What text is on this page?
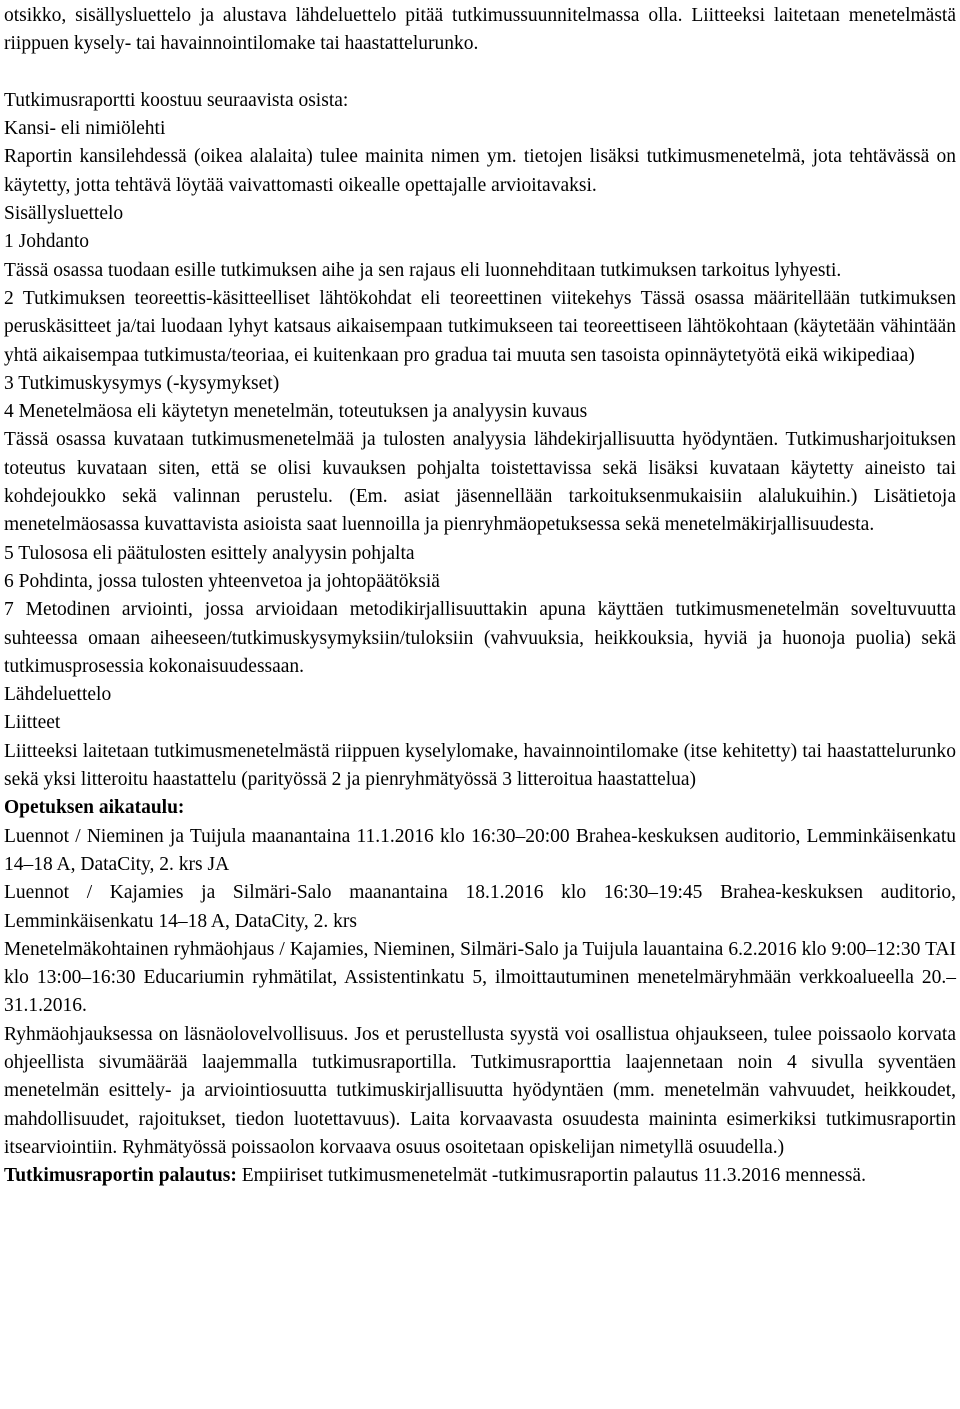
otsikko, sisällysluettelo ja alustava lähdeluettelo pitää tutkimussuunnitelmassa olla. Liitteeksi laitetaan menetelmästä riippuen kysely- tai havainnointilomake tai haastattelurunko.

Tutkimusraportti koostuu seuraavista osista:

Kansi- eli nimiölehti

Raportin kansilehdessä (oikea alalaita) tulee mainita nimen ym. tietojen lisäksi tutkimusmenetelmä, jota tehtävässä on käytetty, jotta tehtävä löytää vaivattomasti oikealle opettajalle arvioitavaksi.

Sisällysluettelo

1 Johdanto

Tässä osassa tuodaan esille tutkimuksen aihe ja sen rajaus eli luonnehditaan tutkimuksen tarkoitus lyhyesti.

2 Tutkimuksen teoreettis-käsitteelliset lähtökohdat eli teoreettinen viitekehys Tässä osassa määritellään tutkimuksen peruskäsitteet ja/tai luodaan lyhyt katsaus aikaisempaan tutkimukseen tai teoreettiseen lähtökohtaan (käytetään vähintään yhtä aikaisempaa tutkimusta/teoriaa, ei kuitenkaan pro gradua tai muuta sen tasoista opinnäytetyötä eikä wikipediaa)

3 Tutkimuskysymys (-kysymykset)

4 Menetelmäosa eli käytetyn menetelmän, toteutuksen ja analyysin kuvaus

Tässä osassa kuvataan tutkimusmenetelmää ja tulosten analyysia lähdekirjallisuutta hyödyntäen. Tutkimusharjoituksen toteutus kuvataan siten, että se olisi kuvauksen pohjalta toistettavissa sekä lisäksi kuvataan käytetty aineisto tai kohdejoukko sekä valinnan perustelu. (Em. asiat jäsennellään tarkoituksenmukaisiin alalukuihin.) Lisätietoja menetelmäosassa kuvattavista asioista saat luennoilla ja pienryhmäopetuksessa sekä menetelmäkirjallisuudesta.

5 Tulososa eli päätulosten esittely analyysin pohjalta

6 Pohdinta, jossa tulosten yhteenvetoa ja johtopäätöksiä

7 Metodinen arviointi, jossa arvioidaan metodikirjallisuuttakin apuna käyttäen tutkimusmenetelmän soveltuvuutta suhteessa omaan aiheeseen/tutkimuskysymyksiin/tuloksiin (vahvuuksia, heikkouksia, hyviä ja huonoja puolia) sekä tutkimusprosessia kokonaisuudessaan.

Lähdeluettelo

Liitteet

Liitteeksi laitetaan tutkimusmenetelmästä riippuen kyselylomake, havainnointilomake (itse kehitetty) tai haastattelurunko sekä yksi litteroitu haastattelu (parityössä 2 ja pienryhmätyössä 3 litteroitua haastattelua)

Opetuksen aikataulu:

Luennot / Nieminen ja Tuijula maanantaina 11.1.2016 klo 16:30–20:00 Brahea-keskuksen auditorio, Lemminkäisenkatu 14–18 A, DataCity, 2. krs JA

Luennot / Kajamies ja Silmäri-Salo maanantaina 18.1.2016 klo 16:30–19:45 Brahea-keskuksen auditorio, Lemminkäisenkatu 14–18 A, DataCity, 2. krs

Menetelmäkohtainen ryhmäohjaus / Kajamies, Nieminen, Silmäri-Salo ja Tuijula lauantaina 6.2.2016 klo 9:00–12:30 TAI klo 13:00–16:30 Educariumin ryhmätilat, Assistentinkatu 5, ilmoittautuminen menetelmäryhmään verkkoalueella 20.–31.1.2016.

Ryhmäohjauksessa on läsnäolovelvollisuus. Jos et perustellusta syystä voi osallistua ohjaukseen, tulee poissaolo korvata ohjeellista sivumäärää laajemmalla tutkimusraportilla. Tutkimusraporttia laajennetaan noin 4 sivulla syventäen menetelmän esittely- ja arviointiosuutta tutkimuskirjallisuutta hyödyntäen (mm. menetelmän vahvuudet, heikkoudet, mahdollisuudet, rajoitukset, tiedon luotettavuus). Laita korvaavasta osuudesta maininta esimerkiksi tutkimusraportin itsearviointiin. Ryhmätyössä poissaolon korvaava osuus osoitetaan opiskelijan nimetyllä osuudella.)

Tutkimusraportin palautus: Empiiriset tutkimusmenetelmät -tutkimusraportin palautus 11.3.2016 mennessä.
